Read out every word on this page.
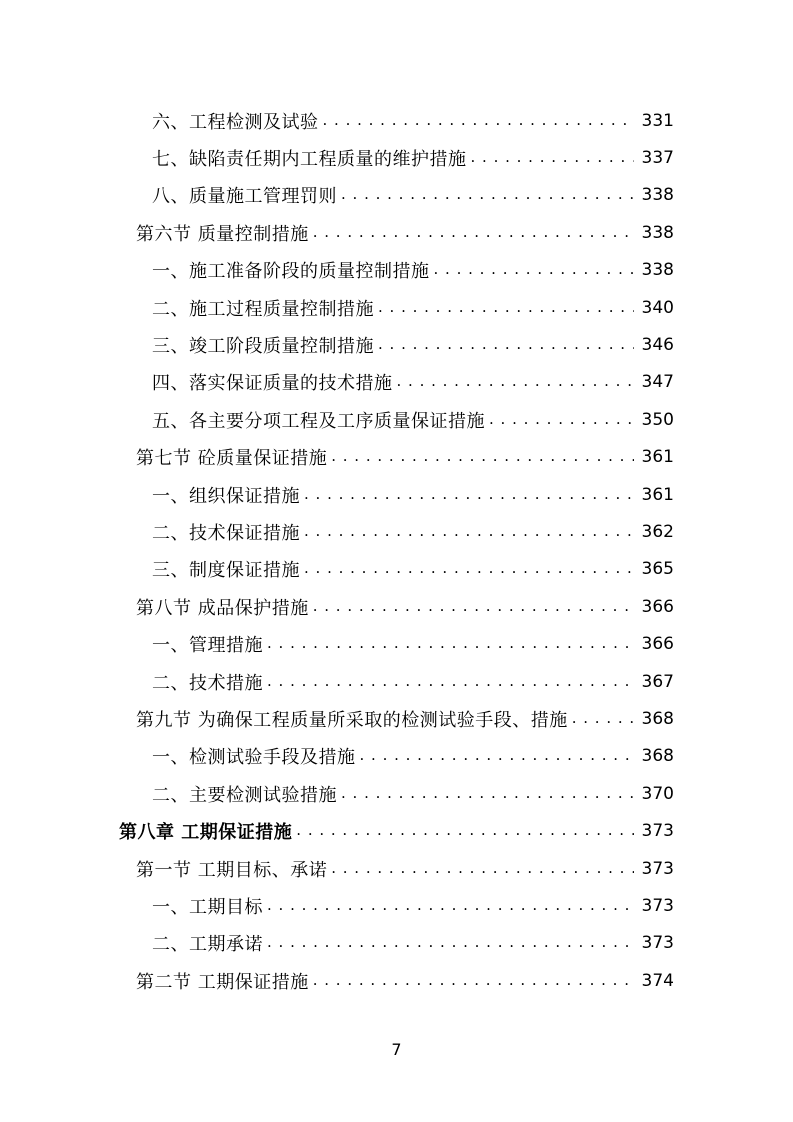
六、工程检测及试验 . . .	331
七、缺陷责任期内工程质量的维护措施 . . .	337
八、质量施工管理罚则 . . .	338
第六节 质量控制措施 . . .	338
一、施工准备阶段的质量控制措施 . . .	338
二、施工过程质量控制措施 . . .	340
三、竣工阶段质量控制措施 . . .	346
四、落实保证质量的技术措施 . . .	347
五、各主要分项工程及工序质量保证措施 . . .	350
第七节 砼质量保证措施 . . .	361
一、组织保证措施 . . .	361
二、技术保证措施 . . .	362
三、制度保证措施 . . .	365
第八节 成品保护措施 . . .	366
一、管理措施 . . .	366
二、技术措施 . . .	367
第九节 为确保工程质量所采取的检测试验手段、措施 . . .	368
一、检测试验手段及措施 . . .	368
二、主要检测试验措施 . . .	370
第八章 工期保证措施 . . .	373
第一节 工期目标、承诺 . . .	373
一、工期目标 . . .	373
二、工期承诺 . . .	373
第二节 工期保证措施 . . .	374
7
